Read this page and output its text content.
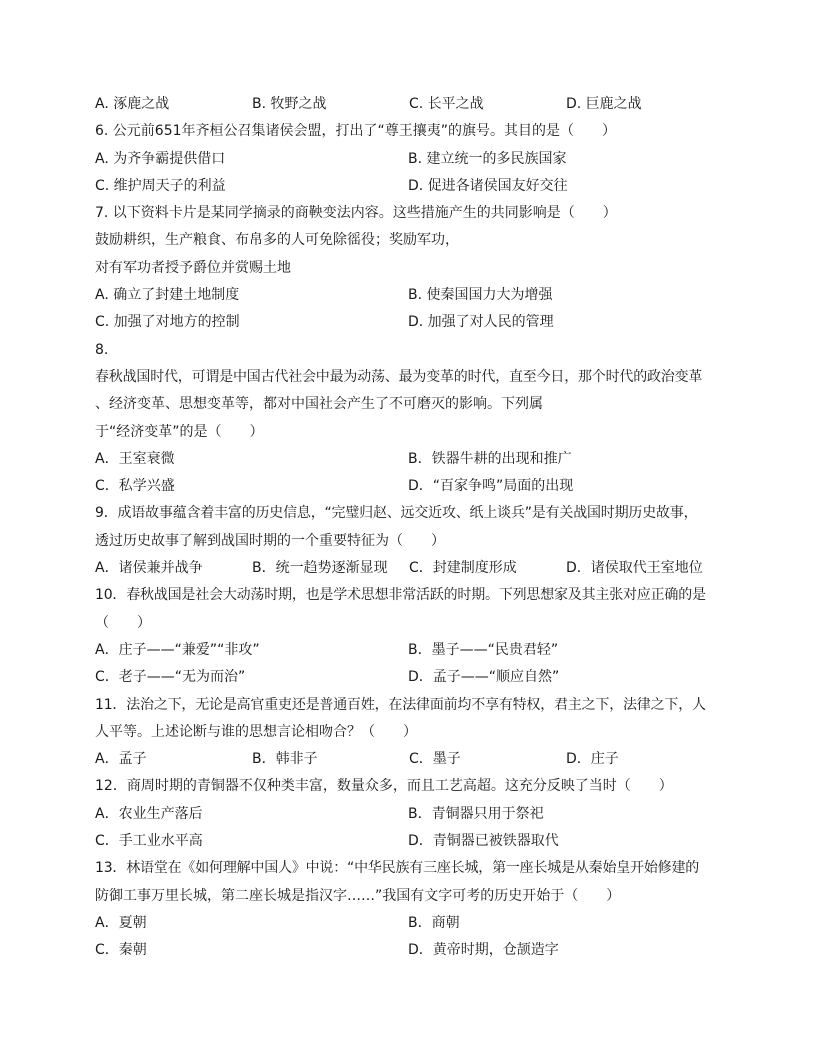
A. 涿鹿之战	B. 牧野之战	C. 长平之战	D. 巨鹿之战
6. 公元前651年齐桓公召集诸侯会盟，打出了“尊王攘夷”的旗号。其目的是（　　）
A. 为齐争霸提供借口	B. 建立统一的多民族国家
C. 维护周天子的利益	D. 促进各诸侯国友好交往
7. 以下资料卡片是某同学摘录的商鞅变法内容。这些措施产生的共同影响是（　　）
鼓励耕织，生产粮食、布帛多的人可免除徭役；奖励军功，
对有军功者授予爵位并赏赐土地
A. 确立了封建土地制度	B. 使秦国国力大为增强
C. 加强了对地方的控制	D. 加强了对人民的管理
8.
春秋战国时代，可谓是中国古代社会中最为动荡、最为变革的时代，直至今日，那个时代的政治变革
、经济变革、思想变革等，都对中国社会产生了不可磨灭的影响。下列属
于“经济变革”的是（　　）
A．王室衰微	B．铁器牛耕的出现和推广
C．私学兴盛	D．“百家争鸣”局面的出现
9．成语故事蕴含着丰富的历史信息，“完璧归赵、远交近攻、纸上谈兵”是有关战国时期历史故事，
透过历史故事了解到战国时期的一个重要特征为（　　）
A．诸侯兼并战争	B．统一趋势逐渐显现	C．封建制度形成	D．诸侯取代王室地位
10．春秋战国是社会大动荡时期，也是学术思想非常活跃的时期。下列思想家及其主张对应正确的是
（　　）
A．庄子——“兼爱”“非攻”	B．墨子——“民贵君轻”
C．老子——“无为而治”	D．孟子——“顺应自然”
11．法治之下，无论是高官重吏还是普通百姓，在法律面前均不享有特权，君主之下，法律之下，人
人平等。上述论断与谁的思想言论相吻合？（　　）
A．孟子	B．韩非子	C．墨子	D．庄子
12．商周时期的青铜器不仅种类丰富，数量众多，而且工艺高超。这充分反映了当时（　　）
A．农业生产落后	B．青铜器只用于祭祀
C．手工业水平高	D．青铜器已被铁器取代
13．林语堂在《如何理解中国人》中说：“中华民族有三座长城，第一座长城是从秦始皇开始修建的
防御工事万里长城，第二座长城是指汉字……”我国有文字可考的历史开始于（　　）
A．夏朝	B．商朝
C．秦朝	D．黄帝时期，仓颉造字
